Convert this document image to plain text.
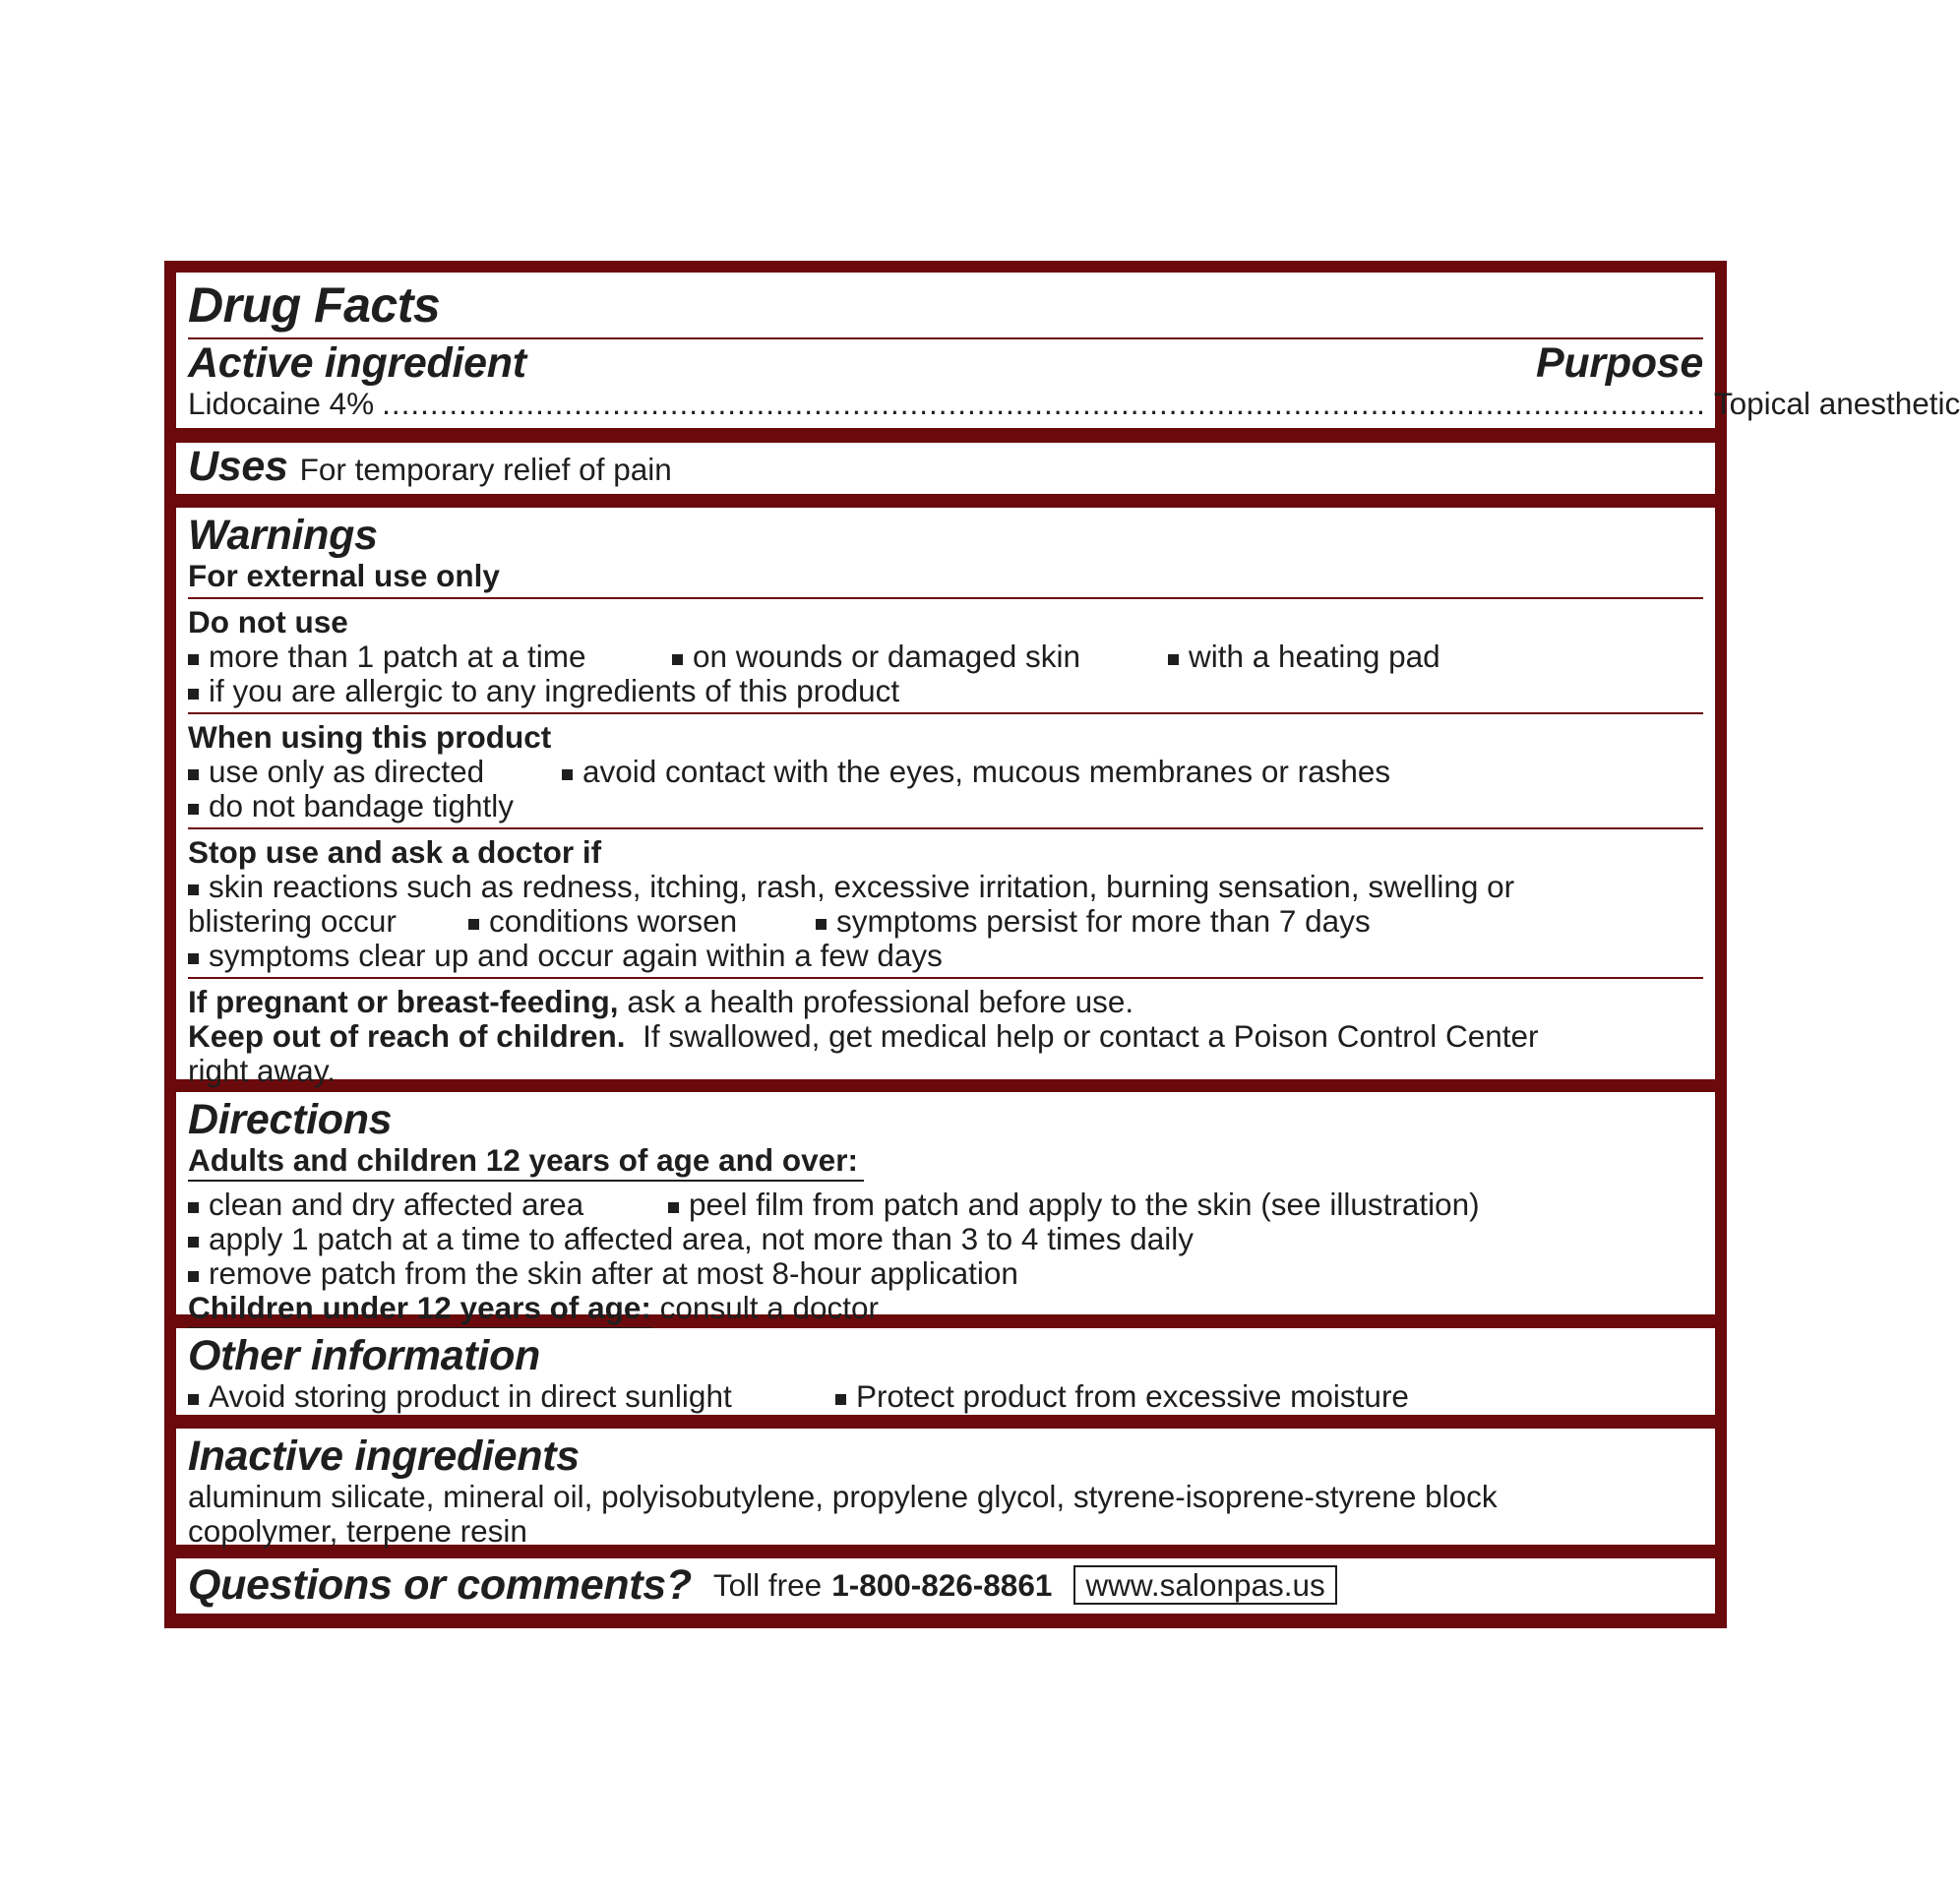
Drug Facts
Active ingredient	Purpose
Lidocaine 4% .......................................................................................................................................... Topical anesthetic
Uses For temporary relief of pain
Warnings
For external use only
Do not use
more than 1 patch at a time	on wounds or damaged skin	with a heating pad
if you are allergic to any ingredients of this product
When using this product
use only as directed	avoid contact with the eyes, mucous membranes or rashes
do not bandage tightly
Stop use and ask a doctor if
skin reactions such as redness, itching, rash, excessive irritation, burning sensation, swelling or
blistering occur	conditions worsen	symptoms persist for more than 7 days
symptoms clear up and occur again within a few days
If pregnant or breast-feeding, ask a health professional before use.
Keep out of reach of children. If swallowed, get medical help or contact a Poison Control Center
right away.
Directions
Adults and children 12 years of age and over:
clean and dry affected area	peel film from patch and apply to the skin (see illustration)
apply 1 patch at a time to affected area, not more than 3 to 4 times daily
remove patch from the skin after at most 8-hour application
Children under 12 years of age: consult a doctor
Other information
Avoid storing product in direct sunlight	Protect product from excessive moisture
Inactive ingredients
aluminum silicate, mineral oil, polyisobutylene, propylene glycol, styrene-isoprene-styrene block
copolymer, terpene resin
Questions or comments? Toll free 1-800-826-8861	www.salonpas.us
